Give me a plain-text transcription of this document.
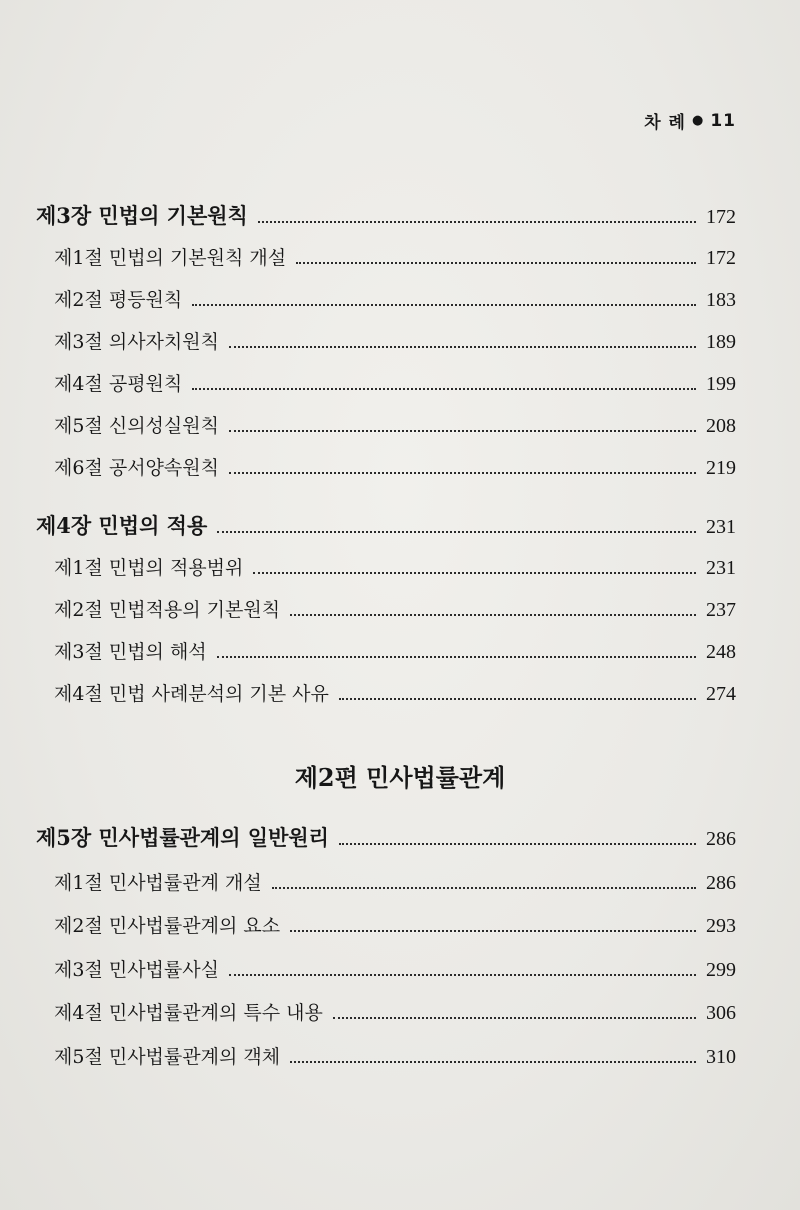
차 례 ● 11
제3장 민법의 기본원칙	172
제1절 민법의 기본원칙 개설	172
제2절 평등원칙	183
제3절 의사자치원칙	189
제4절 공평원칙	199
제5절 신의성실원칙	208
제6절 공서양속원칙	219
제4장 민법의 적용	231
제1절 민법의 적용범위	231
제2절 민법적용의 기본원칙	237
제3절 민법의 해석	248
제4절 민법 사례분석의 기본 사유	274
제2편 민사법률관계
제5장 민사법률관계의 일반원리	286
제1절 민사법률관계 개설	286
제2절 민사법률관계의 요소	293
제3절 민사법률사실	299
제4절 민사법률관계의 특수 내용	306
제5절 민사법률관계의 객체	310
